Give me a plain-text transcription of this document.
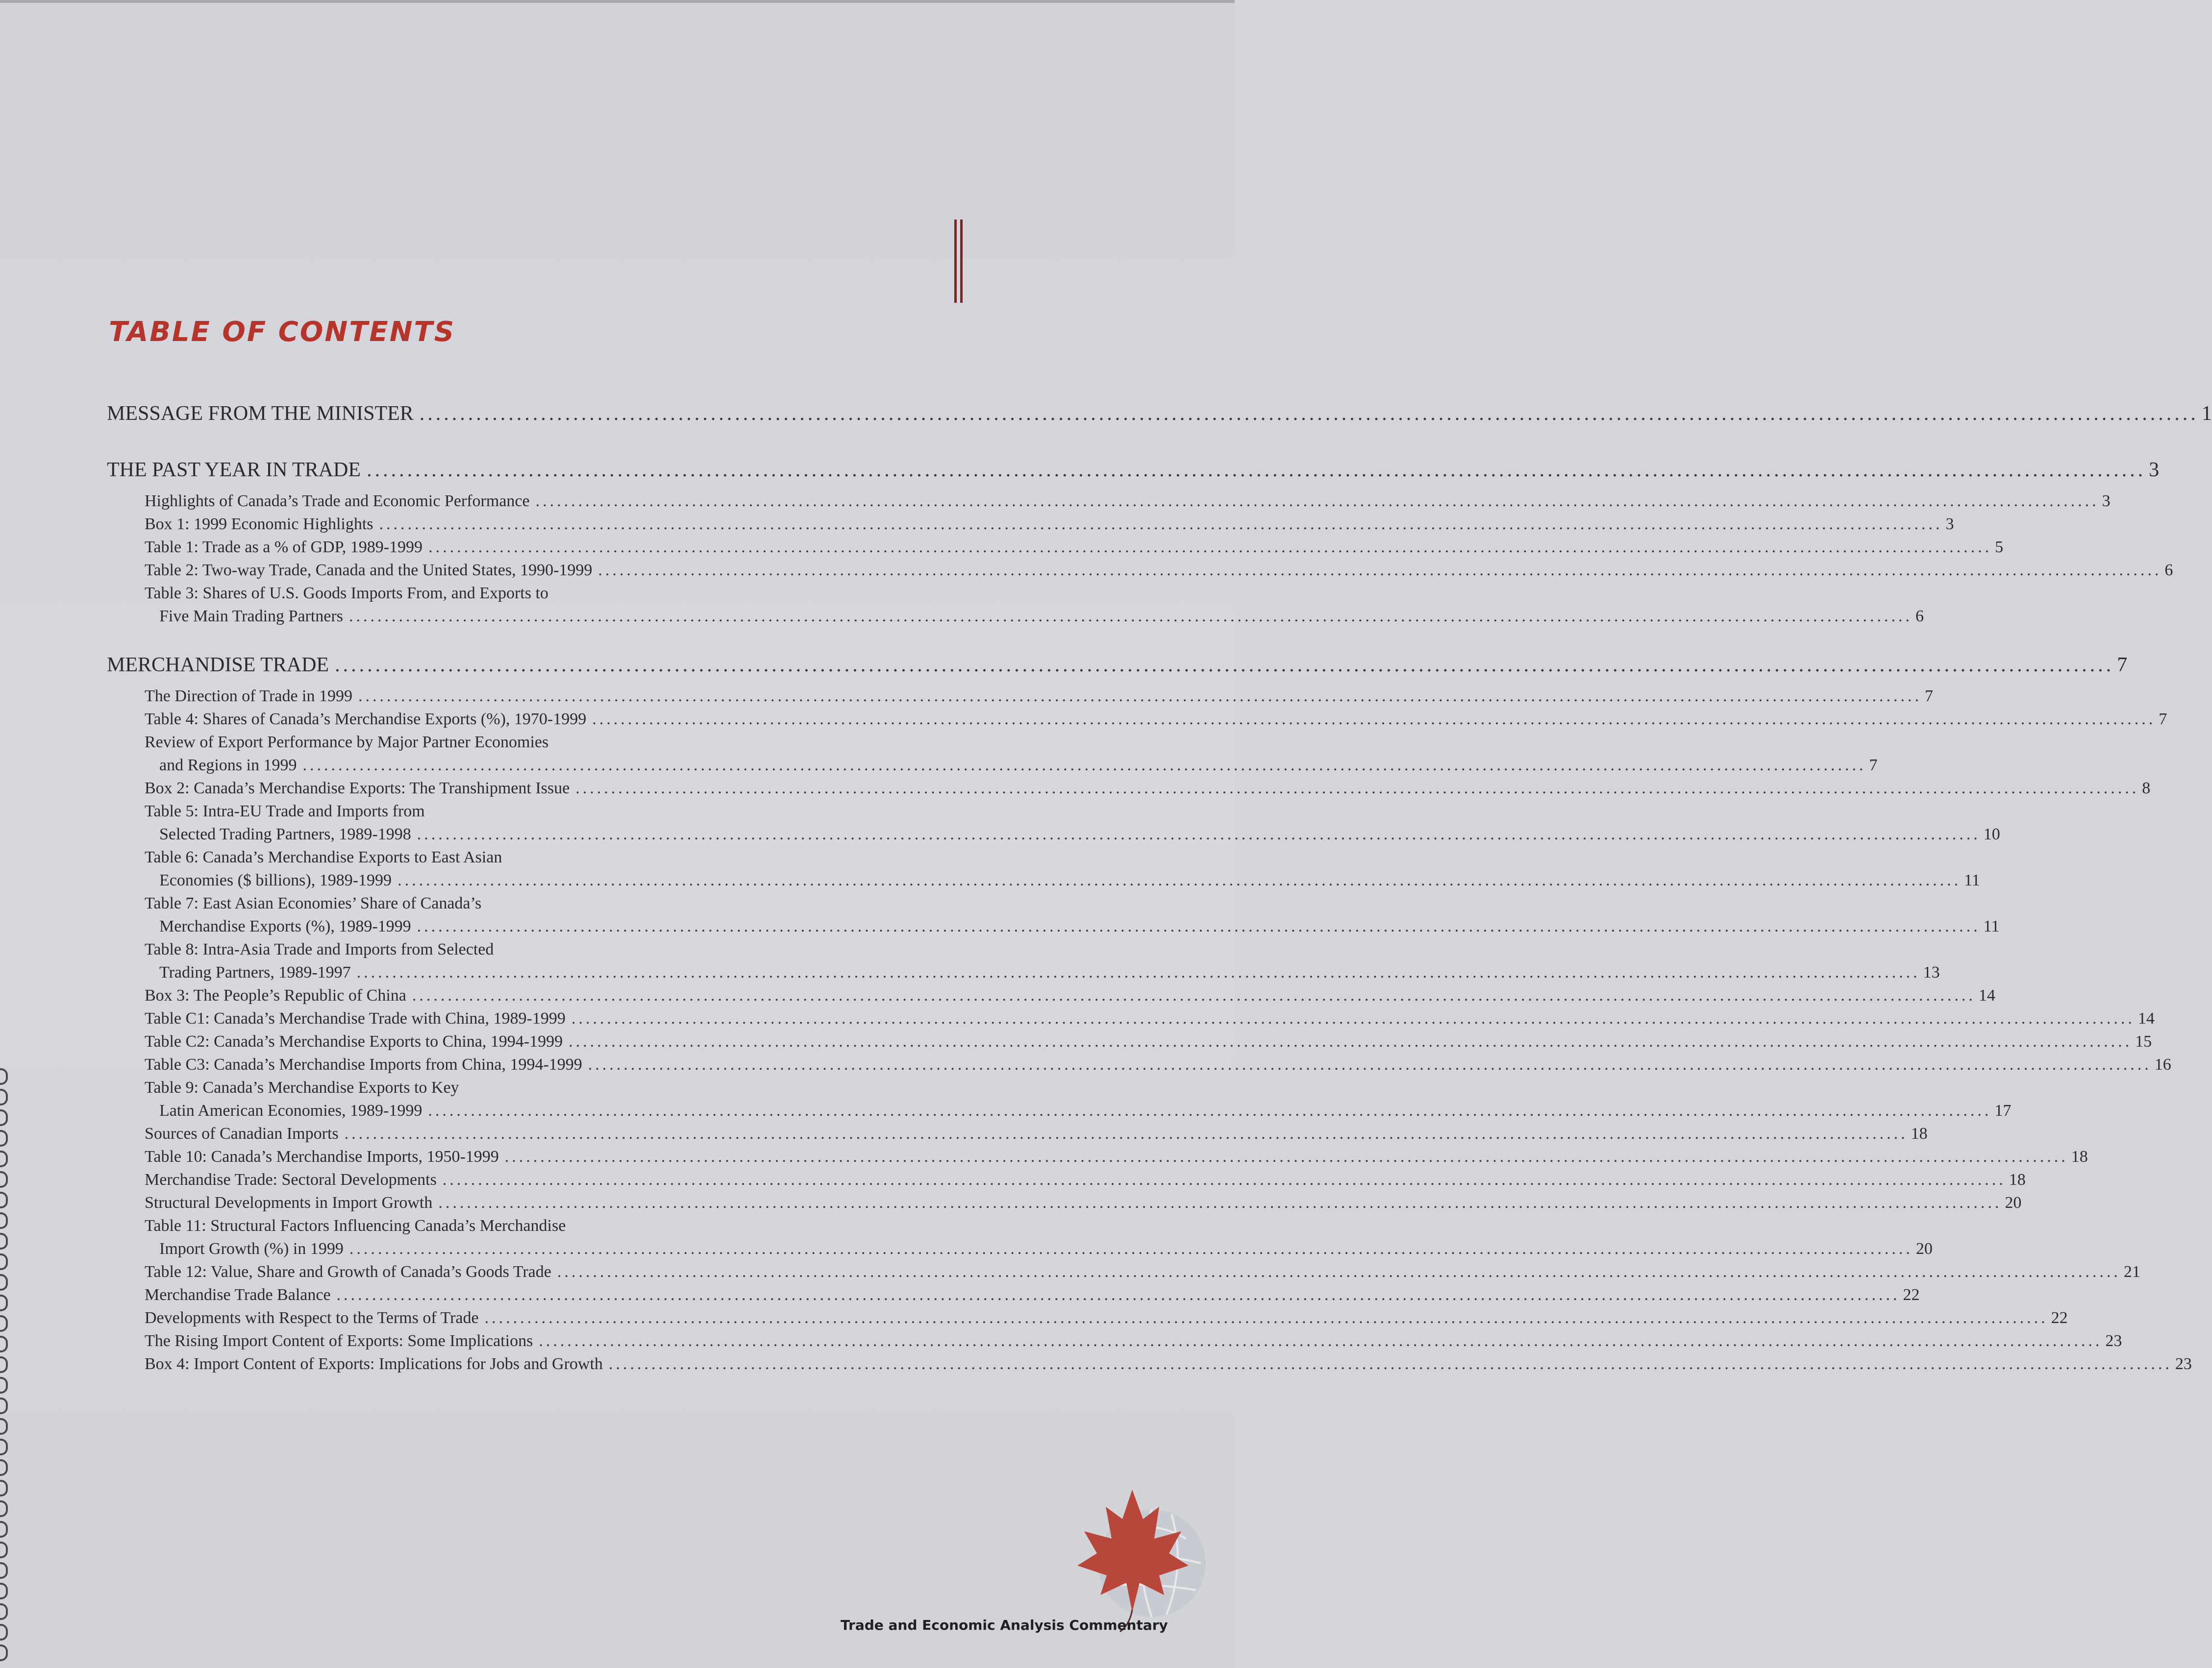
TABLE OF CONTENTS
MESSAGE FROM THE MINISTER ............................................................................................................................................................................................................................ 1
THE PAST YEAR IN TRADE ............................................................................................................................................................................................................................ 3
Highlights of Canada’s Trade and Economic Performance ............................................................................................................................................................................................................................ 3
Box 1: 1999 Economic Highlights ............................................................................................................................................................................................................................ 3
Table 1: Trade as a % of GDP, 1989-1999 ............................................................................................................................................................................................................................ 5
Table 2: Two-way Trade, Canada and the United States, 1990-1999 ............................................................................................................................................................................................................................ 6
Table 3: Shares of U.S. Goods Imports From, and Exports to
Five Main Trading Partners ............................................................................................................................................................................................................................ 6
MERCHANDISE TRADE ............................................................................................................................................................................................................................ 7
The Direction of Trade in 1999 ............................................................................................................................................................................................................................ 7
Table 4: Shares of Canada’s Merchandise Exports (%), 1970-1999 ............................................................................................................................................................................................................................ 7
Review of Export Performance by Major Partner Economies
and Regions in 1999 ............................................................................................................................................................................................................................ 7
Box 2: Canada’s Merchandise Exports: The Transhipment Issue ............................................................................................................................................................................................................................ 8
Table 5: Intra-EU Trade and Imports from
Selected Trading Partners, 1989-1998 ............................................................................................................................................................................................................................ 10
Table 6: Canada’s Merchandise Exports to East Asian
Economies ($ billions), 1989-1999 ............................................................................................................................................................................................................................ 11
Table 7: East Asian Economies’ Share of Canada’s
Merchandise Exports (%), 1989-1999 ............................................................................................................................................................................................................................ 11
Table 8: Intra-Asia Trade and Imports from Selected
Trading Partners, 1989-1997 ............................................................................................................................................................................................................................ 13
Box 3: The People’s Republic of China ............................................................................................................................................................................................................................ 14
Table C1: Canada’s Merchandise Trade with China, 1989-1999 ............................................................................................................................................................................................................................ 14
Table C2: Canada’s Merchandise Exports to China, 1994-1999 ............................................................................................................................................................................................................................ 15
Table C3: Canada’s Merchandise Imports from China, 1994-1999 ............................................................................................................................................................................................................................ 16
Table 9: Canada’s Merchandise Exports to Key
Latin American Economies, 1989-1999 ............................................................................................................................................................................................................................ 17
Sources of Canadian Imports ............................................................................................................................................................................................................................ 18
Table 10: Canada’s Merchandise Imports, 1950-1999 ............................................................................................................................................................................................................................ 18
Merchandise Trade: Sectoral Developments ............................................................................................................................................................................................................................ 18
Structural Developments in Import Growth ............................................................................................................................................................................................................................ 20
Table 11: Structural Factors Influencing Canada’s Merchandise
Import Growth (%) in 1999 ............................................................................................................................................................................................................................ 20
Table 12: Value, Share and Growth of Canada’s Goods Trade ............................................................................................................................................................................................................................ 21
Merchandise Trade Balance ............................................................................................................................................................................................................................ 22
Developments with Respect to the Terms of Trade ............................................................................................................................................................................................................................ 22
The Rising Import Content of Exports: Some Implications ............................................................................................................................................................................................................................ 23
Box 4: Import Content of Exports: Implications for Jobs and Growth ............................................................................................................................................................................................................................ 23
Trade and Economic Analysis Commentary
